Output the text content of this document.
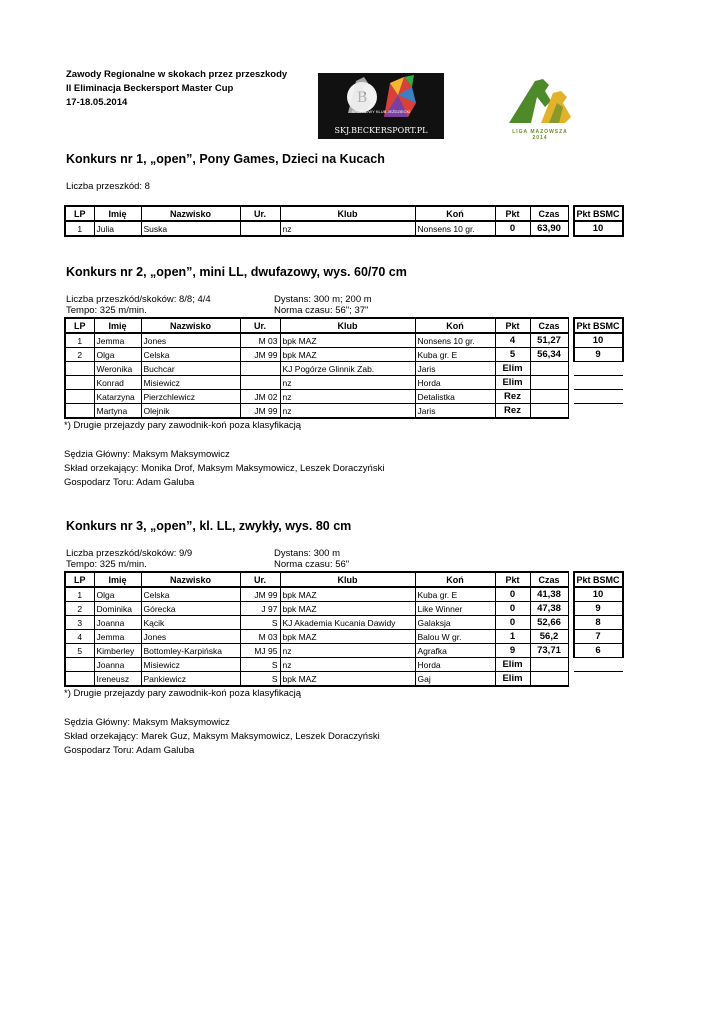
Zawody Regionalne w skokach przez przeszkody
II Eliminacja Beckersport Master Cup
17-18.05.2014
SPORTOWY KLUB JEŹDZIECKI
SKJ.BECKERSPORT.PL	LIGA MAZOWSZA
2014
Konkurs nr 1, „open”, Pony Games, Dzieci na Kucach
Liczba przeszkód: 8
LP	Imię	Nazwisko	Ur.	Klub	Koń	Pkt	Czas		Pkt BSMC
1	Julia	Suska		nz	Nonsens 10 gr.	0	63,90		10
Konkurs nr 2, „open”, mini LL, dwufazowy, wys. 60/70 cm
Liczba przeszkód/skoków: 8/8; 4/4
Tempo: 325 m/min.
Dystans: 300 m; 200 m
Norma czasu: 56"; 37"
LP	Imię	Nazwisko	Ur.	Klub	Koń	Pkt	Czas		Pkt BSMC
1	Jemma	Jones	M 03	bpk MAZ	Nonsens 10 gr.	4	51,27		10
2	Olga	Celska	JM 99	bpk MAZ	Kuba gr. E	5	56,34		9
	Weronika	Buchcar		KJ Pogórze Glinnik Zab.	Jaris	Elim			
	Konrad	Misiewicz		nz	Horda	Elim			
	Katarzyna	Pierzchlewicz	JM 02	nz	Detalistka	Rez			
	Martyna	Olejnik	JM 99	nz	Jaris	Rez			
*) Drugie przejazdy pary zawodnik-koń poza klasyfikacją
Sędzia Główny: Maksym Maksymowicz
Skład orzekający: Monika Drof, Maksym Maksymowicz, Leszek Doraczyński
Gospodarz Toru: Adam Galuba
Konkurs nr 3, „open”, kl. LL, zwykły, wys. 80 cm
Liczba przeszkód/skoków: 9/9
Tempo: 325 m/min.
Dystans: 300 m
Norma czasu: 56"
LP	Imię	Nazwisko	Ur.	Klub	Koń	Pkt	Czas		Pkt BSMC
1	Olga	Celska	JM 99	bpk MAZ	Kuba gr. E	0	41,38		10
2	Dominika	Górecka	J 97	bpk MAZ	Like Winner	0	47,38		9
3	Joanna	Kącik	S	KJ Akademia Kucania Dawidy	Galaksja	0	52,66		8
4	Jemma	Jones	M 03	bpk MAZ	Balou W gr.	1	56,2		7
5	Kimberley	Bottomley-Karpińska	MJ 95	nz	Agrafka	9	73,71		6
	Joanna	Misiewicz	S	nz	Horda	Elim			
	Ireneusz	Pankiewicz	S	bpk MAZ	Gaj	Elim			
*) Drugie przejazdy pary zawodnik-koń poza klasyfikacją
Sędzia Główny: Maksym Maksymowicz
Skład orzekający: Marek Guz, Maksym Maksymowicz, Leszek Doraczyński
Gospodarz Toru: Adam Galuba
